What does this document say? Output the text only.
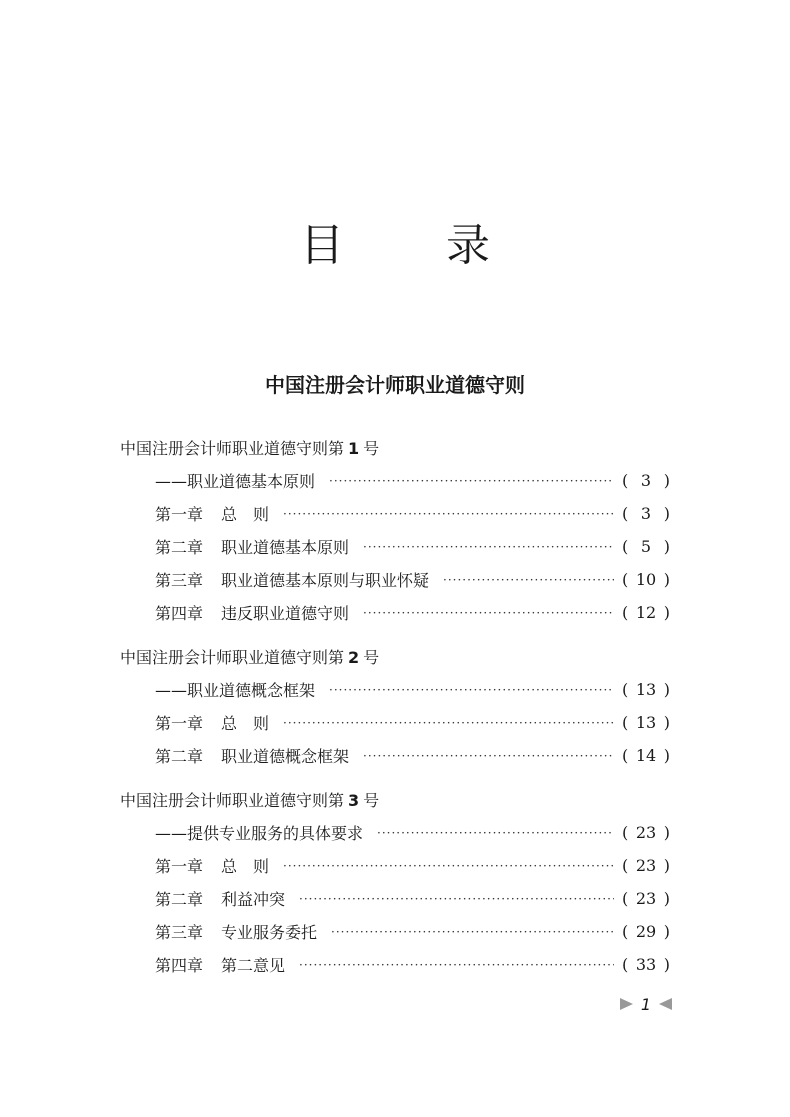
目 录
中国注册会计师职业道德守则
中国注册会计师职业道德守则第 1 号
——职业道德基本原则 ·····	( 3 )
第一章 总　则 ·····	( 3 )
第二章 职业道德基本原则 ·····	( 5 )
第三章 职业道德基本原则与职业怀疑 ·····	( 10 )
第四章 违反职业道德守则 ·····	( 12 )
中国注册会计师职业道德守则第 2 号
——职业道德概念框架 ·····	( 13 )
第一章 总　则 ·····	( 13 )
第二章 职业道德概念框架 ·····	( 14 )
中国注册会计师职业道德守则第 3 号
——提供专业服务的具体要求 ·····	( 23 )
第一章 总　则 ·····	( 23 )
第二章 利益冲突 ·····	( 23 )
第三章 专业服务委托 ·····	( 29 )
第四章 第二意见 ·····	( 33 )
1
